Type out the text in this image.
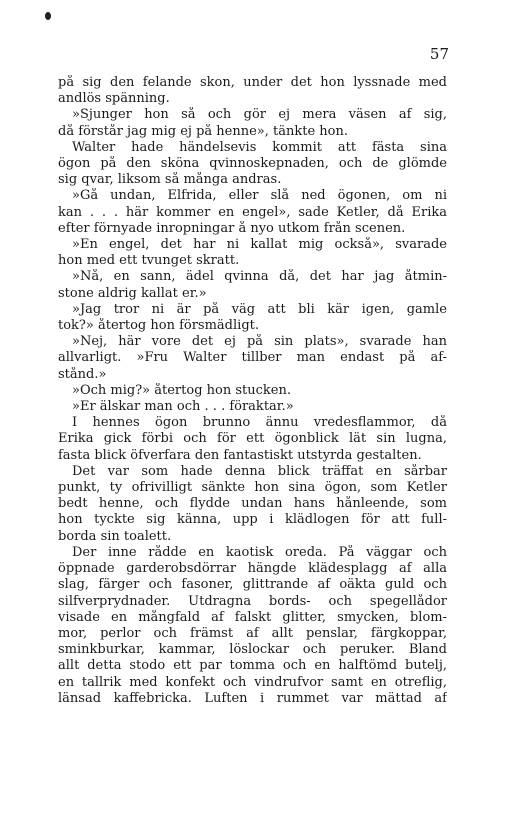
57
på sig den felande skon, under det hon lyssnade med
andlös spänning.
»Sjunger hon så och gör ej mera väsen af sig,
då förstår jag mig ej på henne», tänkte hon.
Walter hade händelsevis kommit att fästa sina
ögon på den sköna qvinnoskepnaden, och de glömde
sig qvar, liksom så många andras.
»Gå undan, Elfrida, eller slå ned ögonen, om ni
kan . . . här kommer en engel», sade Ketler, då Erika
efter förnyade inropningar å nyo utkom från scenen.
»En engel, det har ni kallat mig också», svarade
hon med ett tvunget skratt.
»Nå, en sann, ädel qvinna då, det har jag åtmin-
stone aldrig kallat er.»
»Jag tror ni är på väg att bli kär igen, gamle
tok?» återtog hon försmädligt.
»Nej, här vore det ej på sin plats», svarade han
allvarligt. »Fru Walter tillber man endast på af-
stånd.»
»Och mig?» återtog hon stucken.
»Er älskar man och . . . föraktar.»
I hennes ögon brunno ännu vredesflammor, då
Erika gick förbi och för ett ögonblick lät sin lugna,
fasta blick öfverfara den fantastiskt utstyrda gestalten.
Det var som hade denna blick träffat en sårbar
punkt, ty ofrivilligt sänkte hon sina ögon, som Ketler
bedt henne, och flydde undan hans hånleende, som
hon tyckte sig känna, upp i klädlogen för att full-
borda sin toalett.
Der inne rådde en kaotisk oreda. På väggar och
öppnade garderobsdörrar hängde klädesplagg af alla
slag, färger och fasoner, glittrande af oäkta guld och
silfverprydnader. Utdragna bords- och spegellådor
visade en mångfald af falskt glitter, smycken, blom-
mor, perlor och främst af allt penslar, färgkoppar,
sminkburkar, kammar, löslockar och peruker. Bland
allt detta stodo ett par tomma och en halftömd butelj,
en tallrik med konfekt och vindrufvor samt en otreflig,
länsad kaffebricka. Luften i rummet var mättad af
